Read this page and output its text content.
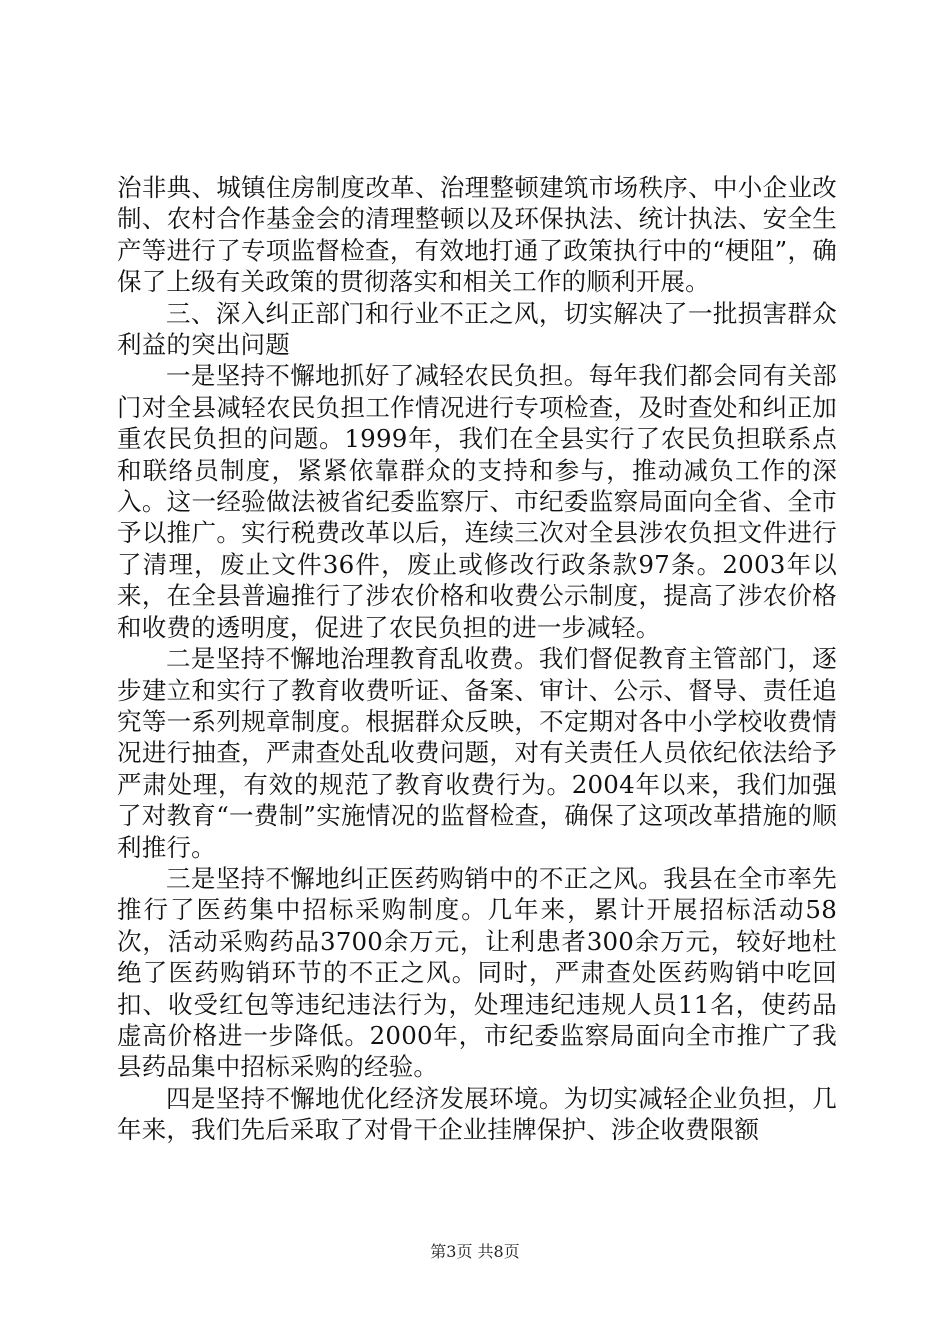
治非典、城镇住房制度改革、治理整顿建筑市场秩序、中小企业改制、农村合作基金会的清理整顿以及环保执法、统计执法、安全生产等进行了专项监督检查，有效地打通了政策执行中的“梗阻”，确保了上级有关政策的贯彻落实和相关工作的顺利开展。

三、深入纠正部门和行业不正之风，切实解决了一批损害群众利益的突出问题

一是坚持不懈地抓好了减轻农民负担。每年我们都会同有关部门对全县减轻农民负担工作情况进行专项检查，及时查处和纠正加重农民负担的问题。1999年，我们在全县实行了农民负担联系点和联络员制度，紧紧依靠群众的支持和参与，推动减负工作的深入。这一经验做法被省纪委监察厅、市纪委监察局面向全省、全市予以推广。实行税费改革以后，连续三次对全县涉农负担文件进行了清理，废止文件36件，废止或修改行政条款97条。2003年以来，在全县普遍推行了涉农价格和收费公示制度，提高了涉农价格和收费的透明度，促进了农民负担的进一步减轻。

二是坚持不懈地治理教育乱收费。我们督促教育主管部门，逐步建立和实行了教育收费听证、备案、审计、公示、督导、责任追究等一系列规章制度。根据群众反映，不定期对各中小学校收费情况进行抽查，严肃查处乱收费问题，对有关责任人员依纪依法给予严肃处理，有效的规范了教育收费行为。2004年以来，我们加强了对教育“一费制”实施情况的监督检查，确保了这项改革措施的顺利推行。

三是坚持不懈地纠正医药购销中的不正之风。我县在全市率先推行了医药集中招标采购制度。几年来，累计开展招标活动58次，活动采购药品3700余万元，让利患者300余万元，较好地杜绝了医药购销环节的不正之风。同时，严肃查处医药购销中吃回扣、收受红包等违纪违法行为，处理违纪违规人员11名，使药品虚高价格进一步降低。2000年，市纪委监察局面向全市推广了我县药品集中招标采购的经验。

四是坚持不懈地优化经济发展环境。为切实减轻企业负担，几年来，我们先后采取了对骨干企业挂牌保护、涉企收费限额

第3页 共8页
